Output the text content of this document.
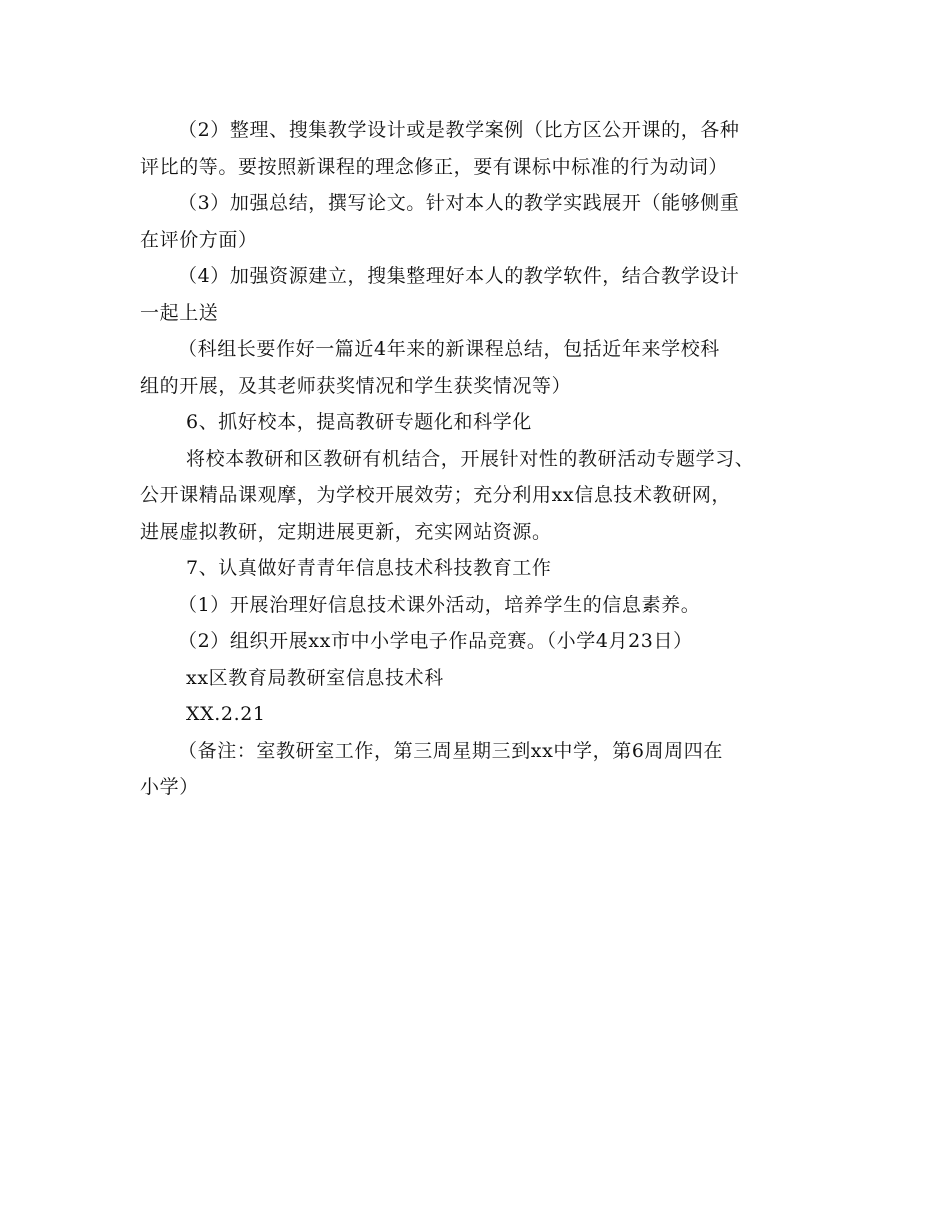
（2）整理、搜集教学设计或是教学案例（比方区公开课的，各种
评比的等。要按照新课程的理念修正，要有课标中标准的行为动词）
（3）加强总结，撰写论文。针对本人的教学实践展开（能够侧重
在评价方面）
（4）加强资源建立，搜集整理好本人的教学软件，结合教学设计
一起上送
（科组长要作好一篇近4年来的新课程总结，包括近年来学校科
组的开展，及其老师获奖情况和学生获奖情况等）
6、抓好校本，提高教研专题化和科学化
将校本教研和区教研有机结合，开展针对性的教研活动专题学习、
公开课精品课观摩，为学校开展效劳；充分利用xx信息技术教研网，
进展虚拟教研，定期进展更新，充实网站资源。
7、认真做好青青年信息技术科技教育工作
（1）开展治理好信息技术课外活动，培养学生的信息素养。
（2）组织开展xx市中小学电子作品竞赛。（小学4月23日）
xx区教育局教研室信息技术科
XX.2.21
（备注：室教研室工作，第三周星期三到xx中学，第6周周四在
小学）
